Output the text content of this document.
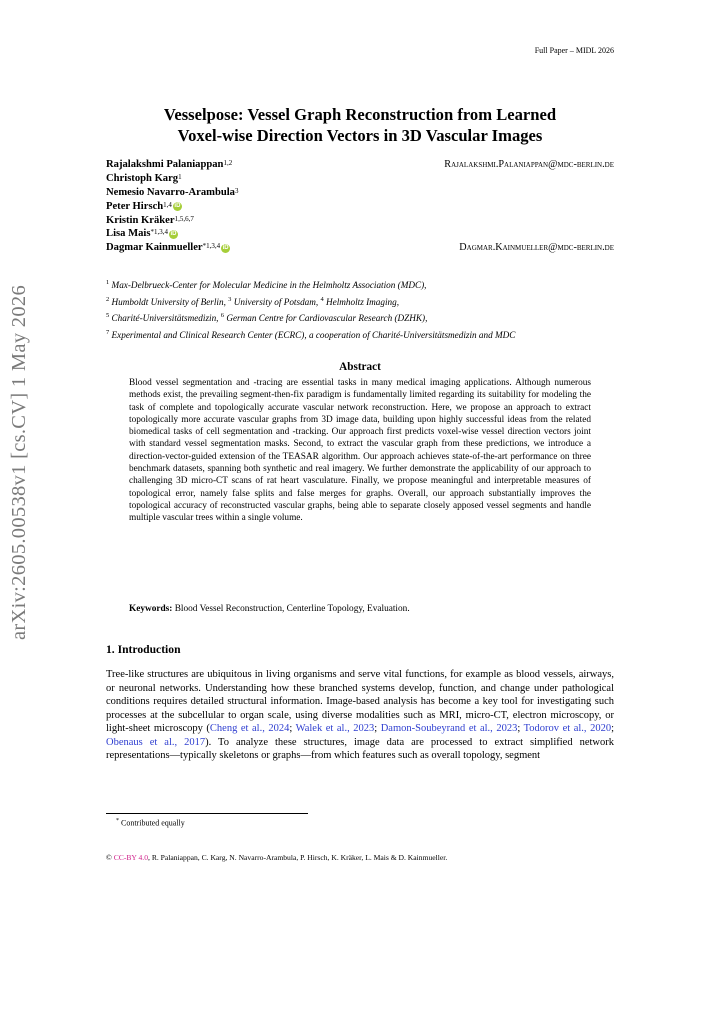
arXiv:2605.00538v1 [cs.CV] 1 May 2026
Full Paper – MIDL 2026
Vesselpose: Vessel Graph Reconstruction from Learned
Voxel-wise Direction Vectors in 3D Vascular Images
Rajalakshmi Palaniappan$^{1,2}$	Rajalakshmi.Palaniappan@mdc-berlin.de
Christoph Karg$^1$
Nemesio Navarro-Arambula$^3$
Peter Hirsch$^{1,4}$ iD
Kristin Kräker$^{1,5,6,7}$
Lisa Mais$^{*1,3,4}$ iD
Dagmar Kainmueller$^{*1,3,4}$ iD	Dagmar.Kainmueller@mdc-berlin.de
$^1$ Max-Delbrueck-Center for Molecular Medicine in the Helmholtz Association (MDC),
$^2$ Humboldt University of Berlin, $^3$ University of Potsdam, $^4$ Helmholtz Imaging,
$^5$ Charité-Universitätsmedizin, $^6$ German Centre for Cardiovascular Research (DZHK),
$^7$ Experimental and Clinical Research Center (ECRC), a cooperation of Charité-Universitätsmedizin and MDC
Abstract
Blood vessel segmentation and -tracing are essential tasks in many medical imaging applications. Although numerous methods exist, the prevailing segment-then-fix paradigm is fundamentally limited regarding its suitability for modeling the task of complete and topologically accurate vascular network reconstruction. Here, we propose an approach to extract topologically more accurate vascular graphs from 3D image data, building upon highly successful ideas from the related biomedical tasks of cell segmentation and -tracking. Our approach first predicts voxel-wise vessel direction vectors joint with standard vessel segmentation masks. Second, to extract the vascular graph from these predictions, we introduce a direction-vector-guided extension of the TEASAR algorithm. Our approach achieves state-of-the-art performance on three benchmark datasets, spanning both synthetic and real imagery. We further demonstrate the applicability of our approach to challenging 3D micro-CT scans of rat heart vasculature. Finally, we propose meaningful and interpretable measures of topological error, namely false splits and false merges for graphs. Overall, our approach substantially improves the topological accuracy of reconstructed vascular graphs, being able to separate closely apposed vessel segments and handle multiple vascular trees within a single volume.
Keywords: Blood Vessel Reconstruction, Centerline Topology, Evaluation.
1. Introduction
Tree-like structures are ubiquitous in living organisms and serve vital functions, for example as blood vessels, airways, or neuronal networks. Understanding how these branched systems develop, function, and change under pathological conditions requires detailed structural information. Image-based analysis has become a key tool for investigating such processes at the subcellular to organ scale, using diverse modalities such as MRI, micro-CT, electron microscopy, or light-sheet microscopy (Cheng et al., 2024; Walek et al., 2023; Damon-Soubeyrand et al., 2023; Todorov et al., 2020; Obenaus et al., 2017). To analyze these structures, image data are processed to extract simplified network representations—typically skeletons or graphs—from which features such as overall topology, segment
* Contributed equally
© CC-BY 4.0, R. Palaniappan, C. Karg, N. Navarro-Arambula, P. Hirsch, K. Kräker, L. Mais & D. Kainmueller.
